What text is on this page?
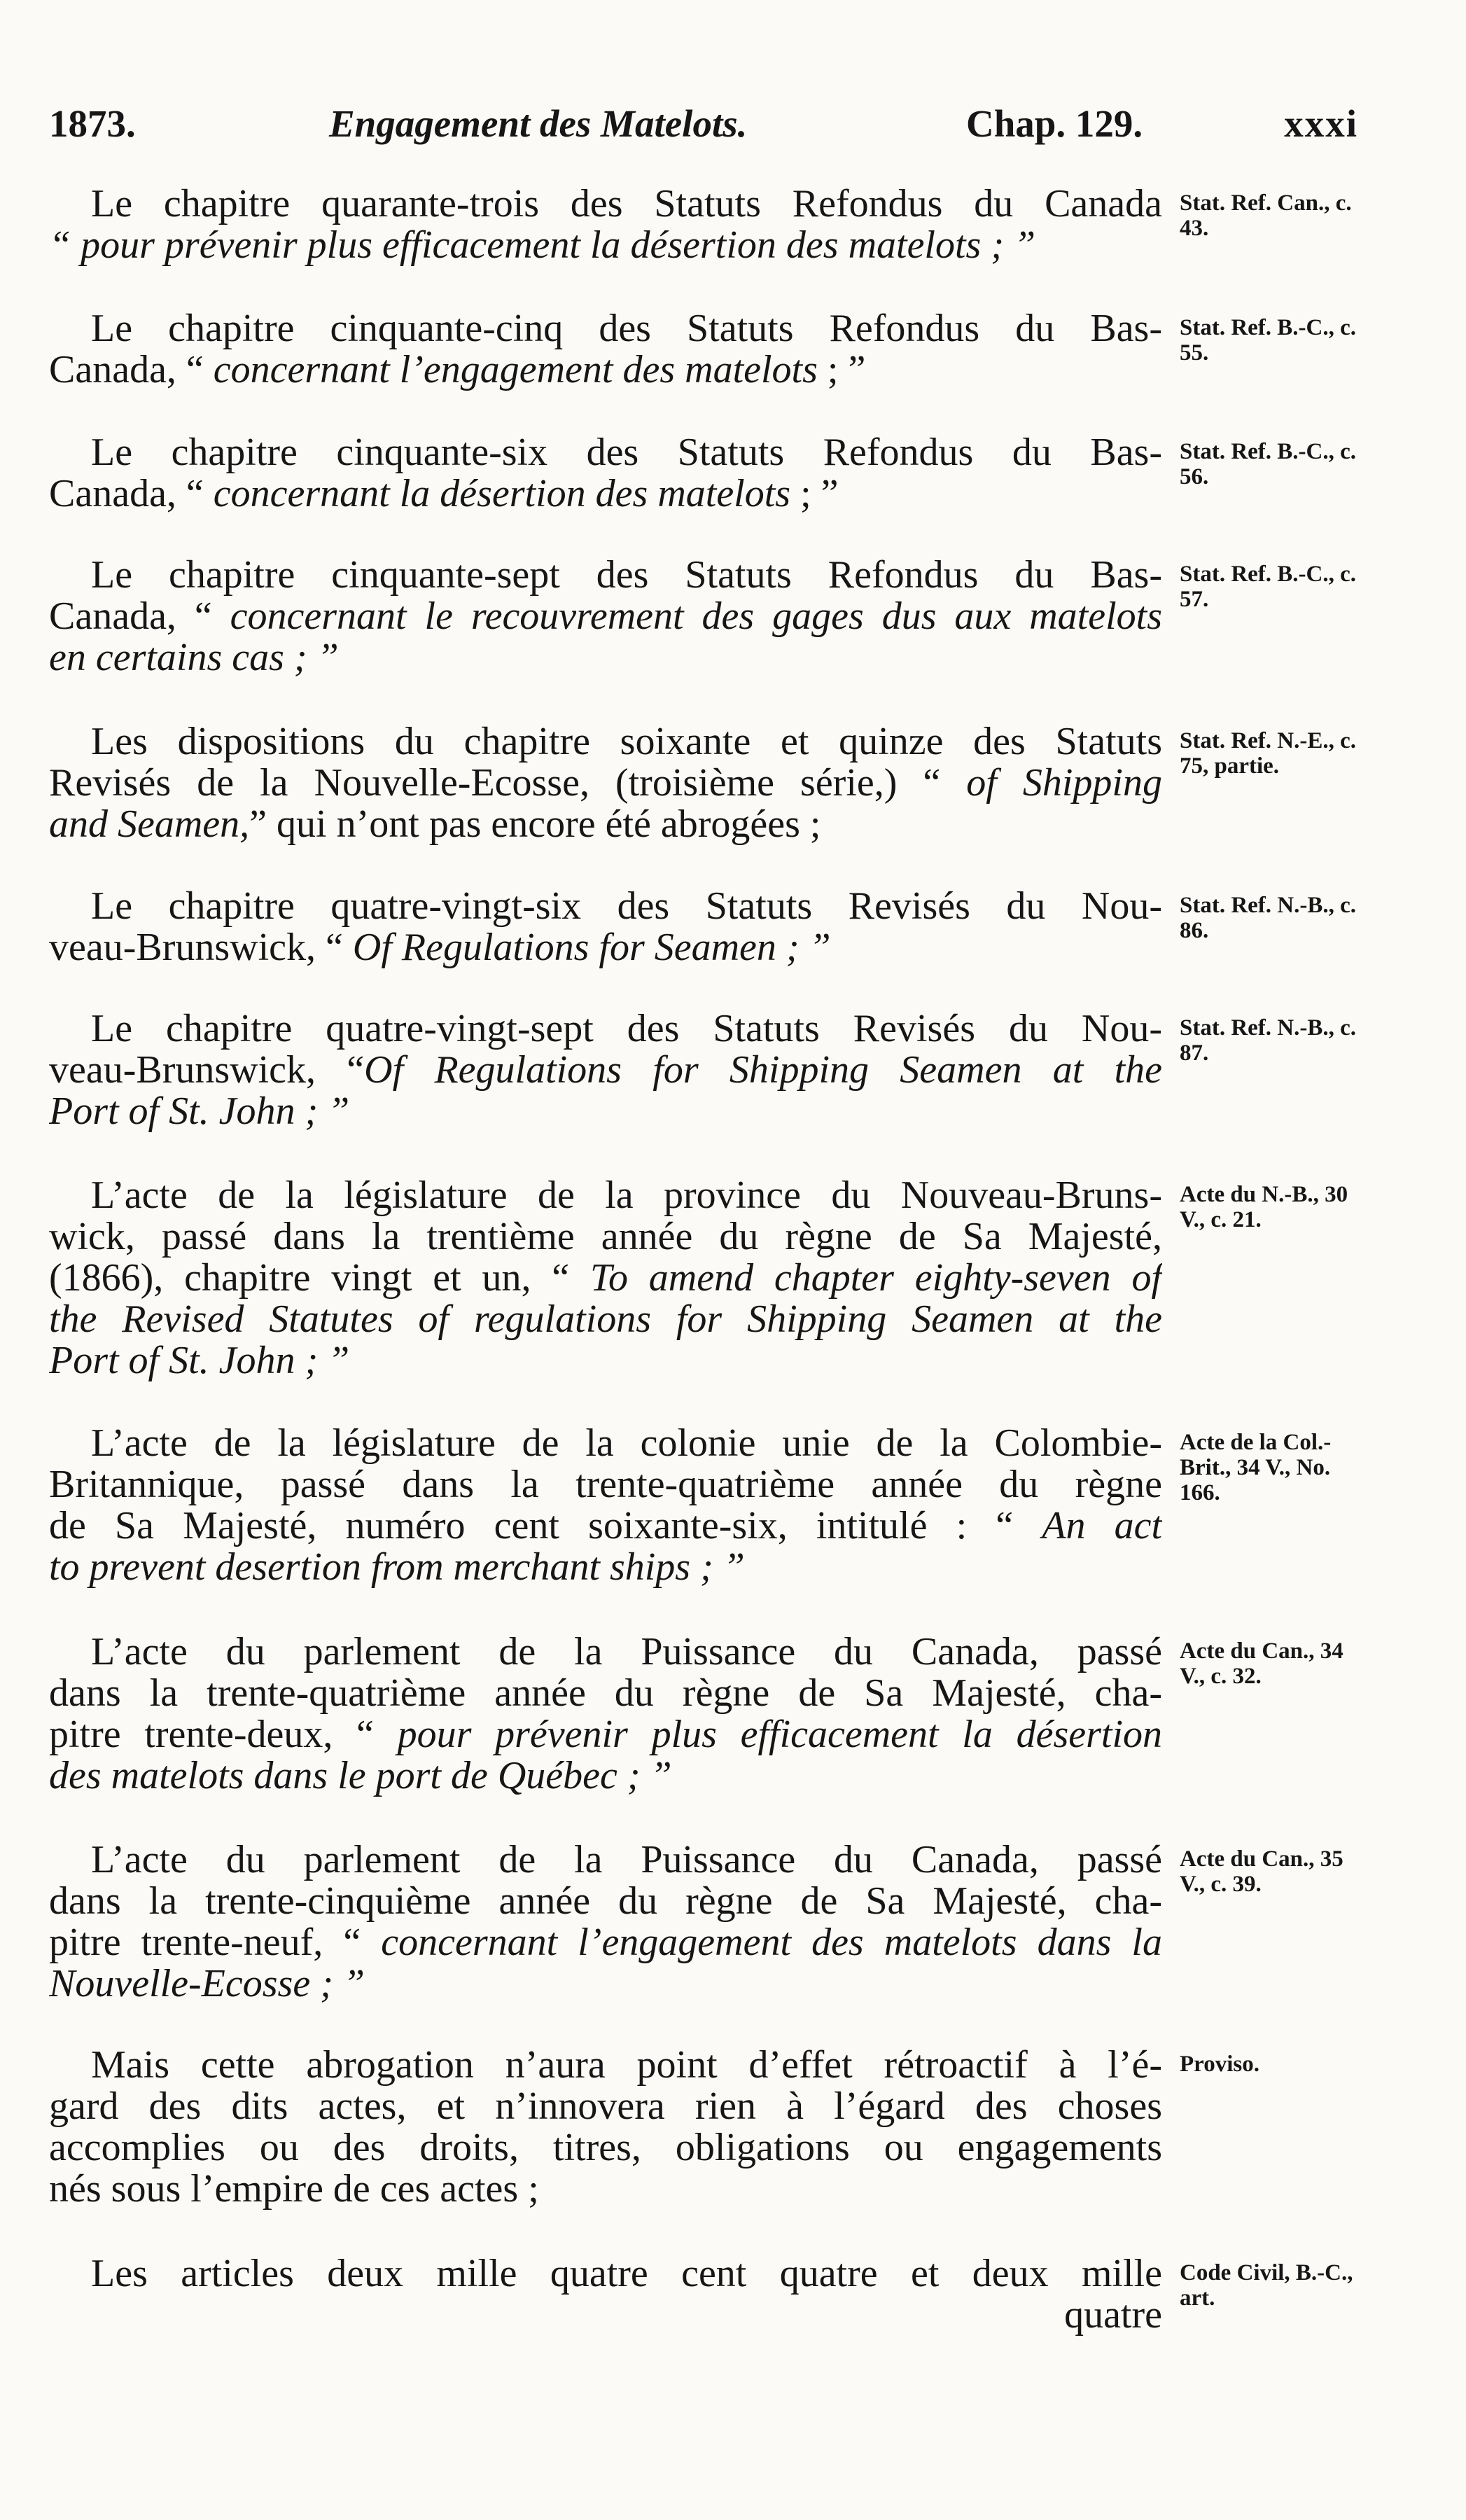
1873.	Engagement des Matelots.	Chap. 129.	xxxi
Le chapitre quarante-trois des Statuts Refondus du Canada
“ pour prévenir plus efficacement la désertion des matelots ; ”
Stat. Ref. Can., c. 43.
Le chapitre cinquante-cinq des Statuts Refondus du Bas-
Canada, “ concernant l’engagement des matelots ; ”
Stat. Ref. B.-C., c. 55.
Le chapitre cinquante-six des Statuts Refondus du Bas-
Canada, “ concernant la désertion des matelots ; ”
Stat. Ref. B.-C., c. 56.
Le chapitre cinquante-sept des Statuts Refondus du Bas-
Canada, “ concernant le recouvrement des gages dus aux matelots
en certains cas ; ”
Stat. Ref. B.-C., c. 57.
Les dispositions du chapitre soixante et quinze des Statuts
Revisés de la Nouvelle-Ecosse, (troisième série,) “ of Shipping
and Seamen,” qui n’ont pas encore été abrogées ;
Stat. Ref. N.-E., c. 75, partie.
Le chapitre quatre-vingt-six des Statuts Revisés du Nou-
veau-Brunswick, “ Of Regulations for Seamen ; ”
Stat. Ref. N.-B., c. 86.
Le chapitre quatre-vingt-sept des Statuts Revisés du Nou-
veau-Brunswick, “Of Regulations for Shipping Seamen at the
Port of St. John ; ”
Stat. Ref. N.-B., c. 87.
L’acte de la législature de la province du Nouveau-Bruns-
wick, passé dans la trentième année du règne de Sa Majesté,
(1866), chapitre vingt et un, “ To amend chapter eighty-seven of
the Revised Statutes of regulations for Shipping Seamen at the
Port of St. John ; ”
Acte du N.-B., 30 V., c. 21.
L’acte de la législature de la colonie unie de la Colombie-
Britannique, passé dans la trente-quatrième année du règne
de Sa Majesté, numéro cent soixante-six, intitulé : “ An act
to prevent desertion from merchant ships ; ”
Acte de la Col.-Brit., 34 V., No. 166.
L’acte du parlement de la Puissance du Canada, passé
dans la trente-quatrième année du règne de Sa Majesté, cha-
pitre trente-deux, “ pour prévenir plus efficacement la désertion
des matelots dans le port de Québec ; ”
Acte du Can., 34 V., c. 32.
L’acte du parlement de la Puissance du Canada, passé
dans la trente-cinquième année du règne de Sa Majesté, cha-
pitre trente-neuf, “ concernant l’engagement des matelots dans la
Nouvelle-Ecosse ; ”
Acte du Can., 35 V., c. 39.
Mais cette abrogation n’aura point d’effet rétroactif à l’é-
gard des dits actes, et n’innovera rien à l’égard des choses
accomplies ou des droits, titres, obligations ou engagements
nés sous l’empire de ces actes ;
Proviso.
Les articles deux mille quatre cent quatre et deux mille
quatre
Code Civil, B.-C., art.
